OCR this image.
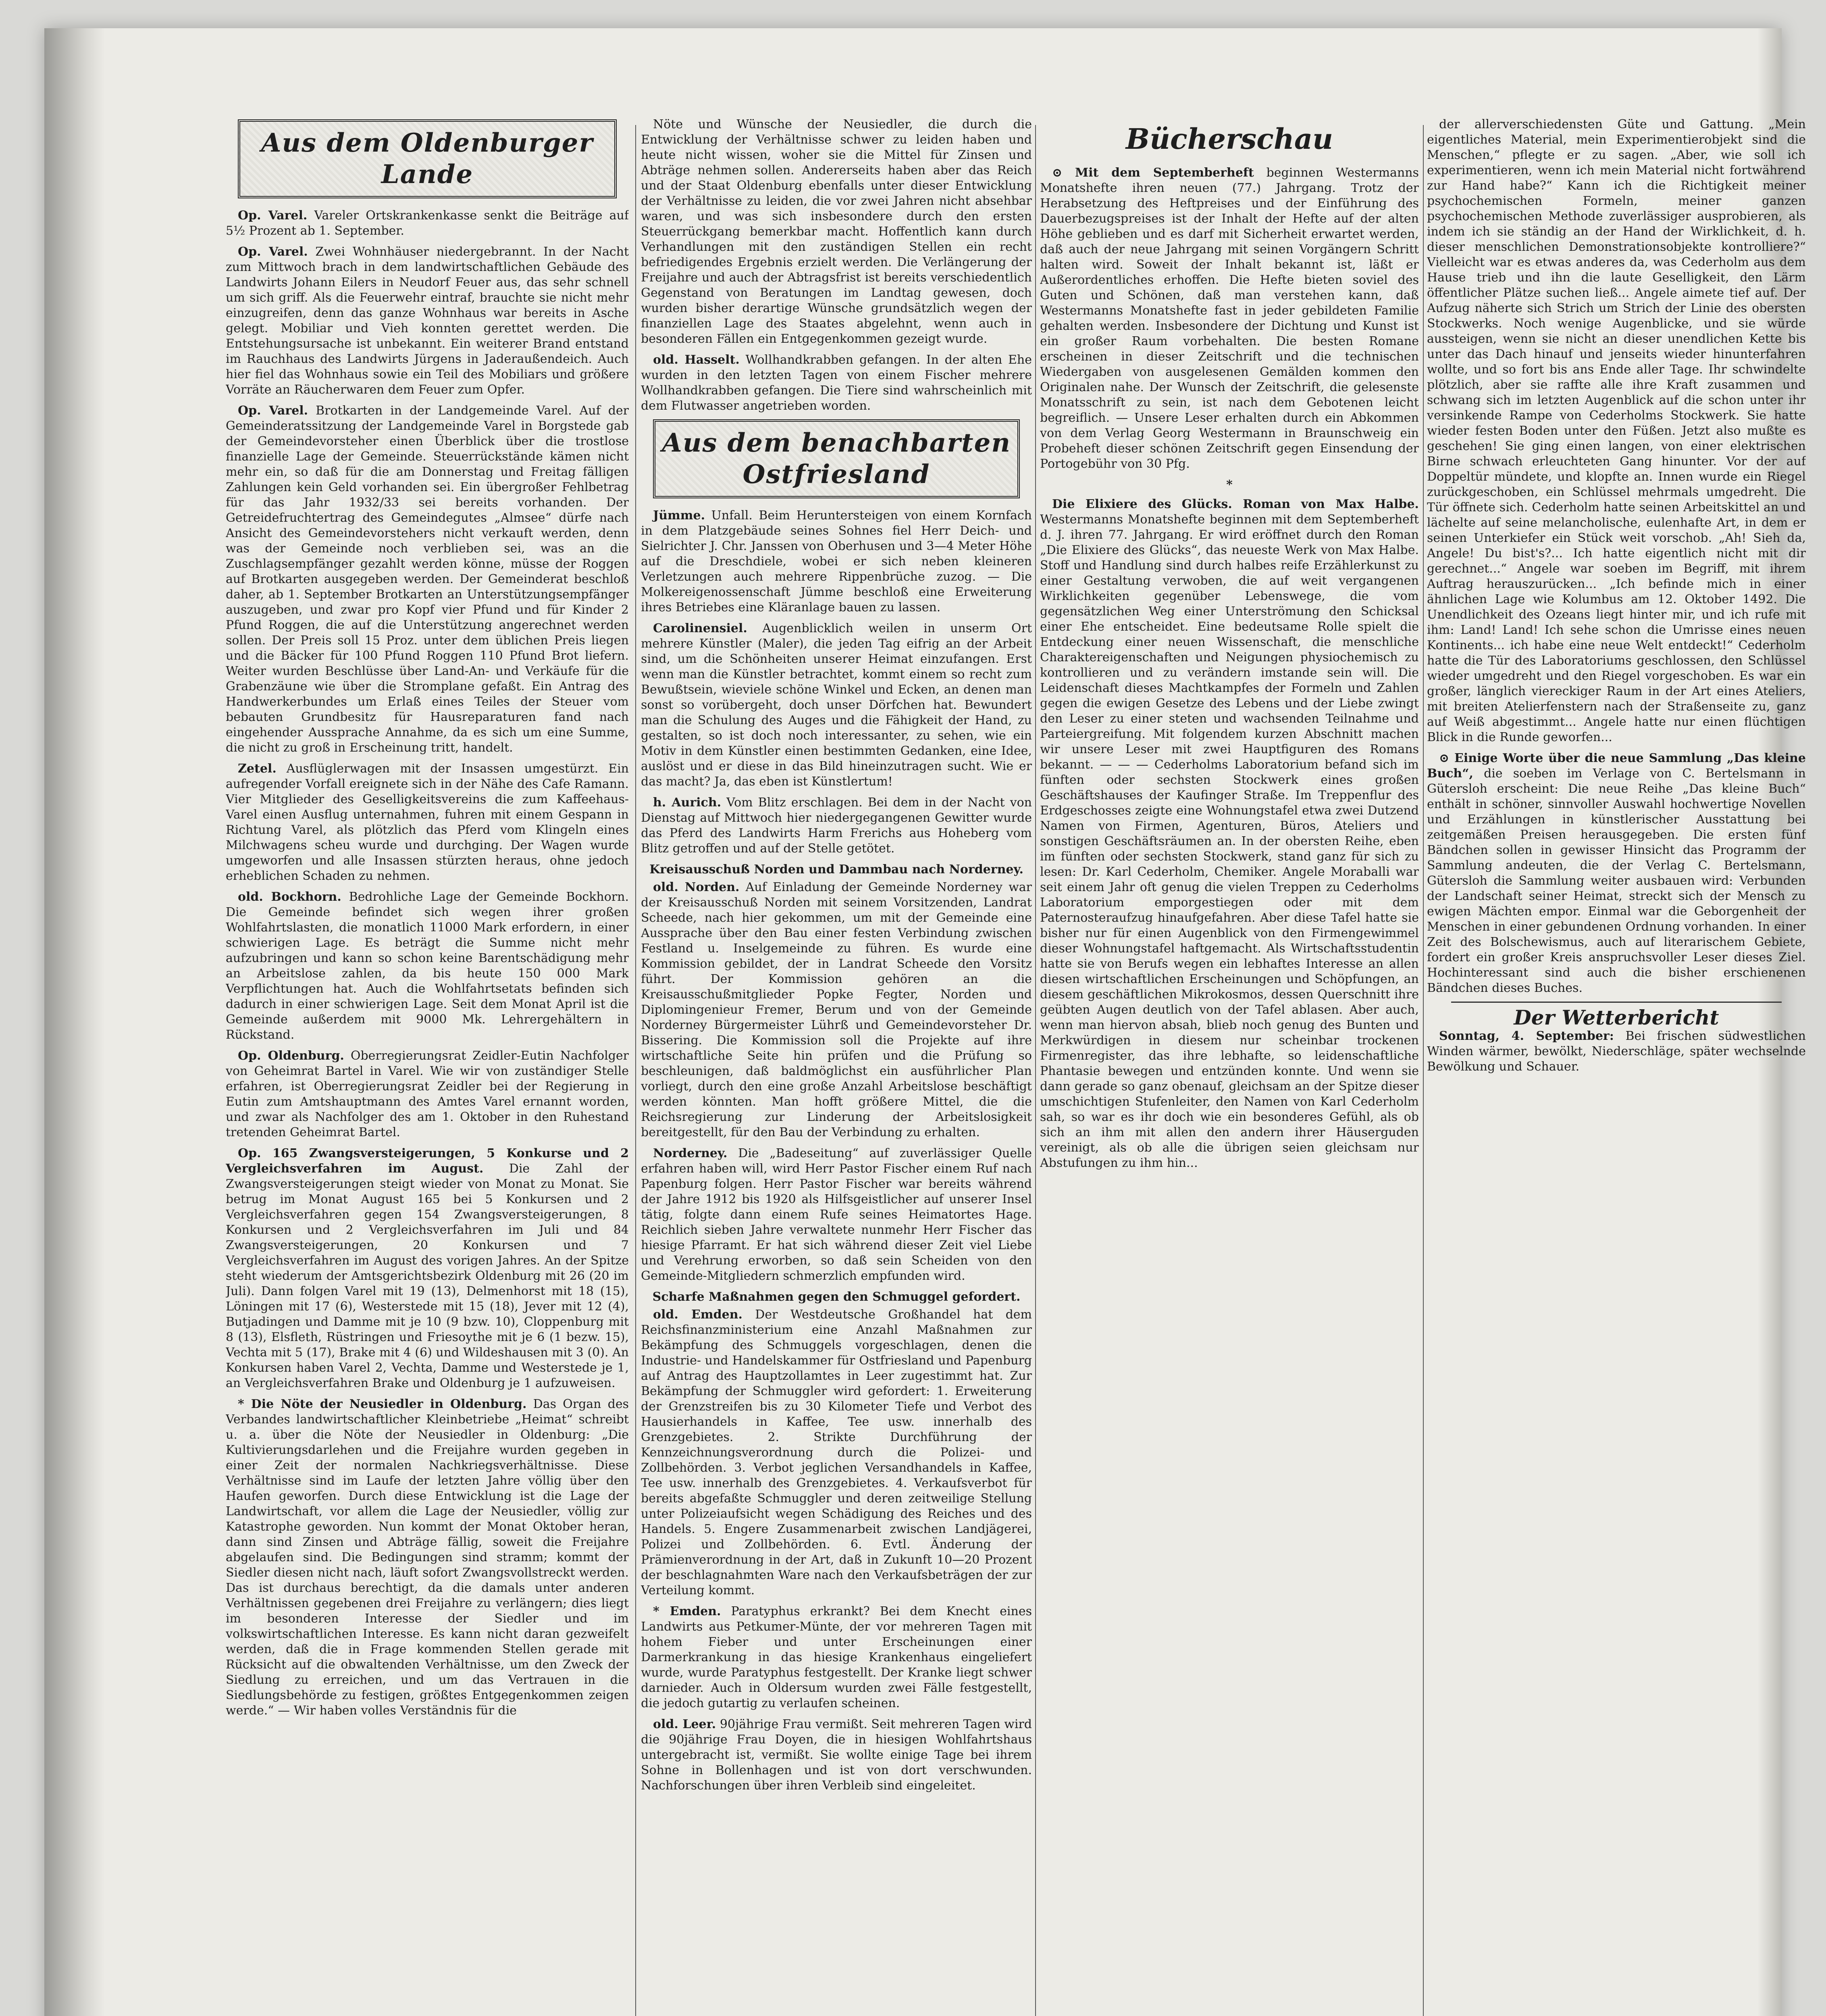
Aus dem Oldenburger Lande

Op. Varel. Vareler Ortskrankenkasse senkt die Beiträge auf 5½ Prozent ab 1. September.

Op. Varel. Zwei Wohnhäuser niedergebrannt. In der Nacht zum Mittwoch brach in dem landwirtschaftlichen Gebäude des Landwirts Johann Eilers in Neudorf Feuer aus, das sehr schnell um sich griff. Als die Feuerwehr eintraf, brauchte sie nicht mehr einzugreifen, denn das ganze Wohnhaus war bereits in Asche gelegt. Mobiliar und Vieh konnten gerettet werden. Die Entstehungsursache ist unbekannt. Ein weiterer Brand entstand im Rauchhaus des Landwirts Jürgens in Jaderaußendeich. Auch hier fiel das Wohnhaus sowie ein Teil des Mobiliars und größere Vorräte an Räucherwaren dem Feuer zum Opfer.

Op. Varel. Brotkarten in der Landgemeinde Varel. Auf der Gemeinderatssitzung der Landgemeinde Varel in Borgstede gab der Gemeindevorsteher einen Überblick über die trostlose finanzielle Lage der Gemeinde. Steuerrückstände kämen nicht mehr ein, so daß für die am Donnerstag und Freitag fälligen Zahlungen kein Geld vorhanden sei. Ein übergroßer Fehlbetrag für das Jahr 1932/33 sei bereits vorhanden. Der Getreidefruchtertrag des Gemeindegutes „Almsee“ dürfe nach Ansicht des Gemeindevorstehers nicht verkauft werden, denn was der Gemeinde noch verblieben sei, was an die Zuschlagsempfänger gezahlt werden könne, müsse der Roggen auf Brotkarten ausgegeben werden. Der Gemeinderat beschloß daher, ab 1. September Brotkarten an Unterstützungsempfänger auszugeben, und zwar pro Kopf vier Pfund und für Kinder 2 Pfund Roggen, die auf die Unterstützung angerechnet werden sollen. Der Preis soll 15 Proz. unter dem üblichen Preis liegen und die Bäcker für 100 Pfund Roggen 110 Pfund Brot liefern. Weiter wurden Beschlüsse über Land-An- und Verkäufe für die Grabenzäune wie über die Stromplane gefaßt. Ein Antrag des Handwerkerbundes um Erlaß eines Teiles der Steuer vom bebauten Grundbesitz für Hausreparaturen fand nach eingehender Aussprache Annahme, da es sich um eine Summe, die nicht zu groß in Erscheinung tritt, handelt.

Zetel. Ausflüglerwagen mit der Insassen umgestürzt. Ein aufregender Vorfall ereignete sich in der Nähe des Cafe Ramann. Vier Mitglieder des Geselligkeitsvereins die zum Kaffeehaus-Varel einen Ausflug unternahmen, fuhren mit einem Gespann in Richtung Varel, als plötzlich das Pferd vom Klingeln eines Milchwagens scheu wurde und durchging. Der Wagen wurde umgeworfen und alle Insassen stürzten heraus, ohne jedoch erheblichen Schaden zu nehmen.

old. Bockhorn. Bedrohliche Lage der Gemeinde Bockhorn. Die Gemeinde befindet sich wegen ihrer großen Wohlfahrtslasten, die monatlich 11000 Mark erfordern, in einer schwierigen Lage. Es beträgt die Summe nicht mehr aufzubringen und kann so schon keine Barentschädigung mehr an Arbeitslose zahlen, da bis heute 150 000 Mark Verpflichtungen hat. Auch die Wohlfahrtsetats befinden sich dadurch in einer schwierigen Lage. Seit dem Monat April ist die Gemeinde außerdem mit 9000 Mk. Lehrergehältern in Rückstand.

Op. Oldenburg. Oberregierungsrat Zeidler-Eutin Nachfolger von Geheimrat Bartel in Varel. Wie wir von zuständiger Stelle erfahren, ist Oberregierungsrat Zeidler bei der Regierung in Eutin zum Amtshauptmann des Amtes Varel ernannt worden, und zwar als Nachfolger des am 1. Oktober in den Ruhestand tretenden Geheimrat Bartel.

Op. 165 Zwangsversteigerungen, 5 Konkurse und 2 Vergleichsverfahren im August. Die Zahl der Zwangsversteigerungen steigt wieder von Monat zu Monat. Sie betrug im Monat August 165 bei 5 Konkursen und 2 Vergleichsverfahren gegen 154 Zwangsversteigerungen, 8 Konkursen und 2 Vergleichsverfahren im Juli und 84 Zwangsversteigerungen, 20 Konkursen und 7 Vergleichsverfahren im August des vorigen Jahres. An der Spitze steht wiederum der Amtsgerichtsbezirk Oldenburg mit 26 (20 im Juli). Dann folgen Varel mit 19 (13), Delmenhorst mit 18 (15), Löningen mit 17 (6), Westerstede mit 15 (18), Jever mit 12 (4), Butjadingen und Damme mit je 10 (9 bzw. 10), Cloppenburg mit 8 (13), Elsfleth, Rüstringen und Friesoythe mit je 6 (1 bezw. 15), Vechta mit 5 (17), Brake mit 4 (6) und Wildeshausen mit 3 (0). An Konkursen haben Varel 2, Vechta, Damme und Westerstede je 1, an Vergleichsverfahren Brake und Oldenburg je 1 aufzuweisen.

* Die Nöte der Neusiedler in Oldenburg. Das Organ des Verbandes landwirtschaftlicher Kleinbetriebe „Heimat“ schreibt u. a. über die Nöte der Neusiedler in Oldenburg: „Die Kultivierungsdarlehen und die Freijahre wurden gegeben in einer Zeit der normalen Nachkriegsverhältnisse. Diese Verhältnisse sind im Laufe der letzten Jahre völlig über den Haufen geworfen. Durch diese Entwicklung ist die Lage der Landwirtschaft, vor allem die Lage der Neusiedler, völlig zur Katastrophe geworden. Nun kommt der Monat Oktober heran, dann sind Zinsen und Abträge fällig, soweit die Freijahre abgelaufen sind. Die Bedingungen sind stramm; kommt der Siedler diesen nicht nach, läuft sofort Zwangsvollstreckt werden. Das ist durchaus berechtigt, da die damals unter anderen Verhältnissen gegebenen drei Freijahre zu verlängern; dies liegt im besonderen Interesse der Siedler und im volkswirtschaftlichen Interesse. Es kann nicht daran gezweifelt werden, daß die in Frage kommenden Stellen gerade mit Rücksicht auf die obwaltenden Verhältnisse, um den Zweck der Siedlung zu erreichen, und um das Vertrauen in die Siedlungsbehörde zu festigen, größtes Entgegenkommen zeigen werde.“ — Wir haben volles Verständnis für die

Nöte und Wünsche der Neusiedler, die durch die Entwicklung der Verhältnisse schwer zu leiden haben und heute nicht wissen, woher sie die Mittel für Zinsen und Abträge nehmen sollen. Andererseits haben aber das Reich und der Staat Oldenburg ebenfalls unter dieser Entwicklung der Verhältnisse zu leiden, die vor zwei Jahren nicht absehbar waren, und was sich insbesondere durch den ersten Steuerrückgang bemerkbar macht. Hoffentlich kann durch Verhandlungen mit den zuständigen Stellen ein recht befriedigendes Ergebnis erzielt werden. Die Verlängerung der Freijahre und auch der Abtragsfrist ist bereits verschiedentlich Gegenstand von Beratungen im Landtag gewesen, doch wurden bisher derartige Wünsche grundsätzlich wegen der finanziellen Lage des Staates abgelehnt, wenn auch in besonderen Fällen ein Entgegenkommen gezeigt wurde.

old. Hasselt. Wollhandkrabben gefangen. In der alten Ehe wurden in den letzten Tagen von einem Fischer mehrere Wollhandkrabben gefangen. Die Tiere sind wahrscheinlich mit dem Flutwasser angetrieben worden.

Aus dem benachbarten Ostfriesland

Jümme. Unfall. Beim Heruntersteigen von einem Kornfach in dem Platzgebäude seines Sohnes fiel Herr Deich- und Sielrichter J. Chr. Janssen von Oberhusen und 3—4 Meter Höhe auf die Dreschdiele, wobei er sich neben kleineren Verletzungen auch mehrere Rippenbrüche zuzog. — Die Molkereigenossenschaft Jümme beschloß eine Erweiterung ihres Betriebes eine Kläranlage bauen zu lassen.

Carolinensiel. Augenblicklich weilen in unserm Ort mehrere Künstler (Maler), die jeden Tag eifrig an der Arbeit sind, um die Schönheiten unserer Heimat einzufangen. Erst wenn man die Künstler betrachtet, kommt einem so recht zum Bewußtsein, wieviele schöne Winkel und Ecken, an denen man sonst so vorübergeht, doch unser Dörfchen hat. Bewundert man die Schulung des Auges und die Fähigkeit der Hand, zu gestalten, so ist doch noch interessanter, zu sehen, wie ein Motiv in dem Künstler einen bestimmten Gedanken, eine Idee, auslöst und er diese in das Bild hineinzutragen sucht. Wie er das macht? Ja, das eben ist Künstlertum!

h. Aurich. Vom Blitz erschlagen. Bei dem in der Nacht von Dienstag auf Mittwoch hier niedergegangenen Gewitter wurde das Pferd des Landwirts Harm Frerichs aus Hoheberg vom Blitz getroffen und auf der Stelle getötet.

Kreisausschuß Norden und Dammbau nach Norderney.

old. Norden. Auf Einladung der Gemeinde Norderney war der Kreisausschuß Norden mit seinem Vorsitzenden, Landrat Scheede, nach hier gekommen, um mit der Gemeinde eine Aussprache über den Bau einer festen Verbindung zwischen Festland u. Inselgemeinde zu führen. Es wurde eine Kommission gebildet, der in Landrat Scheede den Vorsitz führt. Der Kommission gehören an die Kreisausschußmitglieder Popke Fegter, Norden und Diplomingenieur Fremer, Berum und von der Gemeinde Norderney Bürgermeister Lührß und Gemeindevorsteher Dr. Bissering. Die Kommission soll die Projekte auf ihre wirtschaftliche Seite hin prüfen und die Prüfung so beschleunigen, daß baldmöglichst ein ausführlicher Plan vorliegt, durch den eine große Anzahl Arbeitslose beschäftigt werden könnten. Man hofft größere Mittel, die die Reichsregierung zur Linderung der Arbeitslosigkeit bereitgestellt, für den Bau der Verbindung zu erhalten.

Norderney. Die „Badeseitung“ auf zuverlässiger Quelle erfahren haben will, wird Herr Pastor Fischer einem Ruf nach Papenburg folgen. Herr Pastor Fischer war bereits während der Jahre 1912 bis 1920 als Hilfsgeistlicher auf unserer Insel tätig, folgte dann einem Rufe seines Heimatortes Hage. Reichlich sieben Jahre verwaltete nunmehr Herr Fischer das hiesige Pfarramt. Er hat sich während dieser Zeit viel Liebe und Verehrung erworben, so daß sein Scheiden von den Gemeinde-Mitgliedern schmerzlich empfunden wird.

Scharfe Maßnahmen gegen den Schmuggel gefordert.

old. Emden. Der Westdeutsche Großhandel hat dem Reichsfinanzministerium eine Anzahl Maßnahmen zur Bekämpfung des Schmuggels vorgeschlagen, denen die Industrie- und Handelskammer für Ostfriesland und Papenburg auf Antrag des Hauptzollamtes in Leer zugestimmt hat. Zur Bekämpfung der Schmuggler wird gefordert: 1. Erweiterung der Grenzstreifen bis zu 30 Kilometer Tiefe und Verbot des Hausierhandels in Kaffee, Tee usw. innerhalb des Grenzgebietes. 2. Strikte Durchführung der Kennzeichnungsverordnung durch die Polizei- und Zollbehörden. 3. Verbot jeglichen Versandhandels in Kaffee, Tee usw. innerhalb des Grenzgebietes. 4. Verkaufsverbot für bereits abgefaßte Schmuggler und deren zeitweilige Stellung unter Polizeiaufsicht wegen Schädigung des Reiches und des Handels. 5. Engere Zusammenarbeit zwischen Landjägerei, Polizei und Zollbehörden. 6. Evtl. Änderung der Prämienverordnung in der Art, daß in Zukunft 10—20 Prozent der beschlagnahmten Ware nach den Verkaufsbeträgen der zur Verteilung kommt.

* Emden. Paratyphus erkrankt? Bei dem Knecht eines Landwirts aus Petkumer-Münte, der vor mehreren Tagen mit hohem Fieber und unter Erscheinungen einer Darmerkrankung in das hiesige Krankenhaus eingeliefert wurde, wurde Paratyphus festgestellt. Der Kranke liegt schwer darnieder. Auch in Oldersum wurden zwei Fälle festgestellt, die jedoch gutartig zu verlaufen scheinen.

old. Leer. 90jährige Frau vermißt. Seit mehreren Tagen wird die 90jährige Frau Doyen, die in hiesigen Wohlfahrtshaus untergebracht ist, vermißt. Sie wollte einige Tage bei ihrem Sohne in Bollenhagen und ist von dort verschwunden. Nachforschungen über ihren Verbleib sind eingeleitet.

Bücherschau

⊙ Mit dem Septemberheft beginnen Westermanns Monatshefte ihren neuen (77.) Jahrgang. Trotz der Herabsetzung des Heftpreises und der Einführung des Dauerbezugspreises ist der Inhalt der Hefte auf der alten Höhe geblieben und es darf mit Sicherheit erwartet werden, daß auch der neue Jahrgang mit seinen Vorgängern Schritt halten wird. Soweit der Inhalt bekannt ist, läßt er Außerordentliches erhoffen. Die Hefte bieten soviel des Guten und Schönen, daß man verstehen kann, daß Westermanns Monatshefte fast in jeder gebildeten Familie gehalten werden. Insbesondere der Dichtung und Kunst ist ein großer Raum vorbehalten. Die besten Romane erscheinen in dieser Zeitschrift und die technischen Wiedergaben von ausgelesenen Gemälden kommen den Originalen nahe. Der Wunsch der Zeitschrift, die gelesenste Monatsschrift zu sein, ist nach dem Gebotenen leicht begreiflich. — Unsere Leser erhalten durch ein Abkommen von dem Verlag Georg Westermann in Braunschweig ein Probeheft dieser schönen Zeitschrift gegen Einsendung der Portogebühr von 30 Pfg.

*

Die Elixiere des Glücks. Roman von Max Halbe. Westermanns Monatshefte beginnen mit dem Septemberheft d. J. ihren 77. Jahrgang. Er wird eröffnet durch den Roman „Die Elixiere des Glücks“, das neueste Werk von Max Halbe. Stoff und Handlung sind durch halbes reife Erzählerkunst zu einer Gestaltung verwoben, die auf weit vergangenen Wirklichkeiten gegenüber Lebenswege, die vom gegensätzlichen Weg einer Unterströmung den Schicksal einer Ehe entscheidet. Eine bedeutsame Rolle spielt die Entdeckung einer neuen Wissenschaft, die menschliche Charaktereigenschaften und Neigungen physiochemisch zu kontrollieren und zu verändern imstande sein will. Die Leidenschaft dieses Machtkampfes der Formeln und Zahlen gegen die ewigen Gesetze des Lebens und der Liebe zwingt den Leser zu einer steten und wachsenden Teilnahme und Parteiergreifung. Mit folgendem kurzen Abschnitt machen wir unsere Leser mit zwei Hauptfiguren des Romans bekannt. — — — Cederholms Laboratorium befand sich im fünften oder sechsten Stockwerk eines großen Geschäftshauses der Kaufinger Straße. Im Treppenflur des Erdgeschosses zeigte eine Wohnungstafel etwa zwei Dutzend Namen von Firmen, Agenturen, Büros, Ateliers und sonstigen Geschäftsräumen an. In der obersten Reihe, eben im fünften oder sechsten Stockwerk, stand ganz für sich zu lesen: Dr. Karl Cederholm, Chemiker. Angele Moraballi war seit einem Jahr oft genug die vielen Treppen zu Cederholms Laboratorium emporgestiegen oder mit dem Paternosteraufzug hinaufgefahren. Aber diese Tafel hatte sie bisher nur für einen Augenblick von den Firmengewimmel dieser Wohnungstafel haftgemacht. Als Wirtschaftsstudentin hatte sie von Berufs wegen ein lebhaftes Interesse an allen diesen wirtschaftlichen Erscheinungen und Schöpfungen, an diesem geschäftlichen Mikrokosmos, dessen Querschnitt ihre geübten Augen deutlich von der Tafel ablasen. Aber auch, wenn man hiervon absah, blieb noch genug des Bunten und Merkwürdigen in diesem nur scheinbar trockenen Firmenregister, das ihre lebhafte, so leidenschaftliche Phantasie bewegen und entzünden konnte. Und wenn sie dann gerade so ganz obenauf, gleichsam an der Spitze dieser umschichtigen Stufenleiter, den Namen von Karl Cederholm sah, so war es ihr doch wie ein besonderes Gefühl, als ob sich an ihm mit allen den andern ihrer Häuserguden vereinigt, als ob alle die übrigen seien gleichsam nur Abstufungen zu ihm hin...

der allerverschiedensten Güte und Gattung. „Mein eigentliches Material, mein Experimentierobjekt sind die Menschen,“ pflegte er zu sagen. „Aber, wie soll ich experimentieren, wenn ich mein Material nicht fortwährend zur Hand habe?“ Kann ich die Richtigkeit meiner psychochemischen Formeln, meiner ganzen psychochemischen Methode zuverlässiger ausprobieren, als indem ich sie ständig an der Hand der Wirklichkeit, d. h. dieser menschlichen Demonstrationsobjekte kontrolliere?“ Vielleicht war es etwas anderes da, was Cederholm aus dem Hause trieb und ihn die laute Geselligkeit, den Lärm öffentlicher Plätze suchen ließ... Angele aimete tief auf. Der Aufzug näherte sich Strich um Strich der Linie des obersten Stockwerks. Noch wenige Augenblicke, und sie würde aussteigen, wenn sie nicht an dieser unendlichen Kette bis unter das Dach hinauf und jenseits wieder hinunterfahren wollte, und so fort bis ans Ende aller Tage. Ihr schwindelte plötzlich, aber sie raffte alle ihre Kraft zusammen und schwang sich im letzten Augenblick auf die schon unter ihr versinkende Rampe von Cederholms Stockwerk. Sie hatte wieder festen Boden unter den Füßen. Jetzt also mußte es geschehen! Sie ging einen langen, von einer elektrischen Birne schwach erleuchteten Gang hinunter. Vor der auf Doppeltür mündete, und klopfte an. Innen wurde ein Riegel zurückgeschoben, ein Schlüssel mehrmals umgedreht. Die Tür öffnete sich. Cederholm hatte seinen Arbeitskittel an und lächelte auf seine melancholische, eulenhafte Art, in dem er seinen Unterkiefer ein Stück weit vorschob. „Ah! Sieh da, Angele! Du bist's?... Ich hatte eigentlich nicht mit dir gerechnet...“ Angele war soeben im Begriff, mit ihrem Auftrag herauszurücken... „Ich befinde mich in einer ähnlichen Lage wie Kolumbus am 12. Oktober 1492. Die Unendlichkeit des Ozeans liegt hinter mir, und ich rufe mit ihm: Land! Land! Ich sehe schon die Umrisse eines neuen Kontinents... ich habe eine neue Welt entdeckt!“ Cederholm hatte die Tür des Laboratoriums geschlossen, den Schlüssel wieder umgedreht und den Riegel vorgeschoben. Es war ein großer, länglich viereckiger Raum in der Art eines Ateliers, mit breiten Atelierfenstern nach der Straßenseite zu, ganz auf Weiß abgestimmt... Angele hatte nur einen flüchtigen Blick in die Runde geworfen...

⊙ Einige Worte über die neue Sammlung „Das kleine Buch“, die soeben im Verlage von C. Bertelsmann in Gütersloh erscheint: Die neue Reihe „Das kleine Buch“ enthält in schöner, sinnvoller Auswahl hochwertige Novellen und Erzählungen in künstlerischer Ausstattung bei zeitgemäßen Preisen herausgegeben. Die ersten fünf Bändchen sollen in gewisser Hinsicht das Programm der Sammlung andeuten, die der Verlag C. Bertelsmann, Gütersloh die Sammlung weiter ausbauen wird: Verbunden der Landschaft seiner Heimat, streckt sich der Mensch zu ewigen Mächten empor. Einmal war die Geborgenheit der Menschen in einer gebundenen Ordnung vorhanden. In einer Zeit des Bolschewismus, auch auf literarischem Gebiete, fordert ein großer Kreis anspruchsvoller Leser dieses Ziel. Hochinteressant sind auch die bisher erschienenen Bändchen dieses Buches.

Der Wetterbericht

Sonntag, 4. September: Bei frischen südwestlichen Winden wärmer, bewölkt, Niederschläge, später wechselnde Bewölkung und Schauer.
